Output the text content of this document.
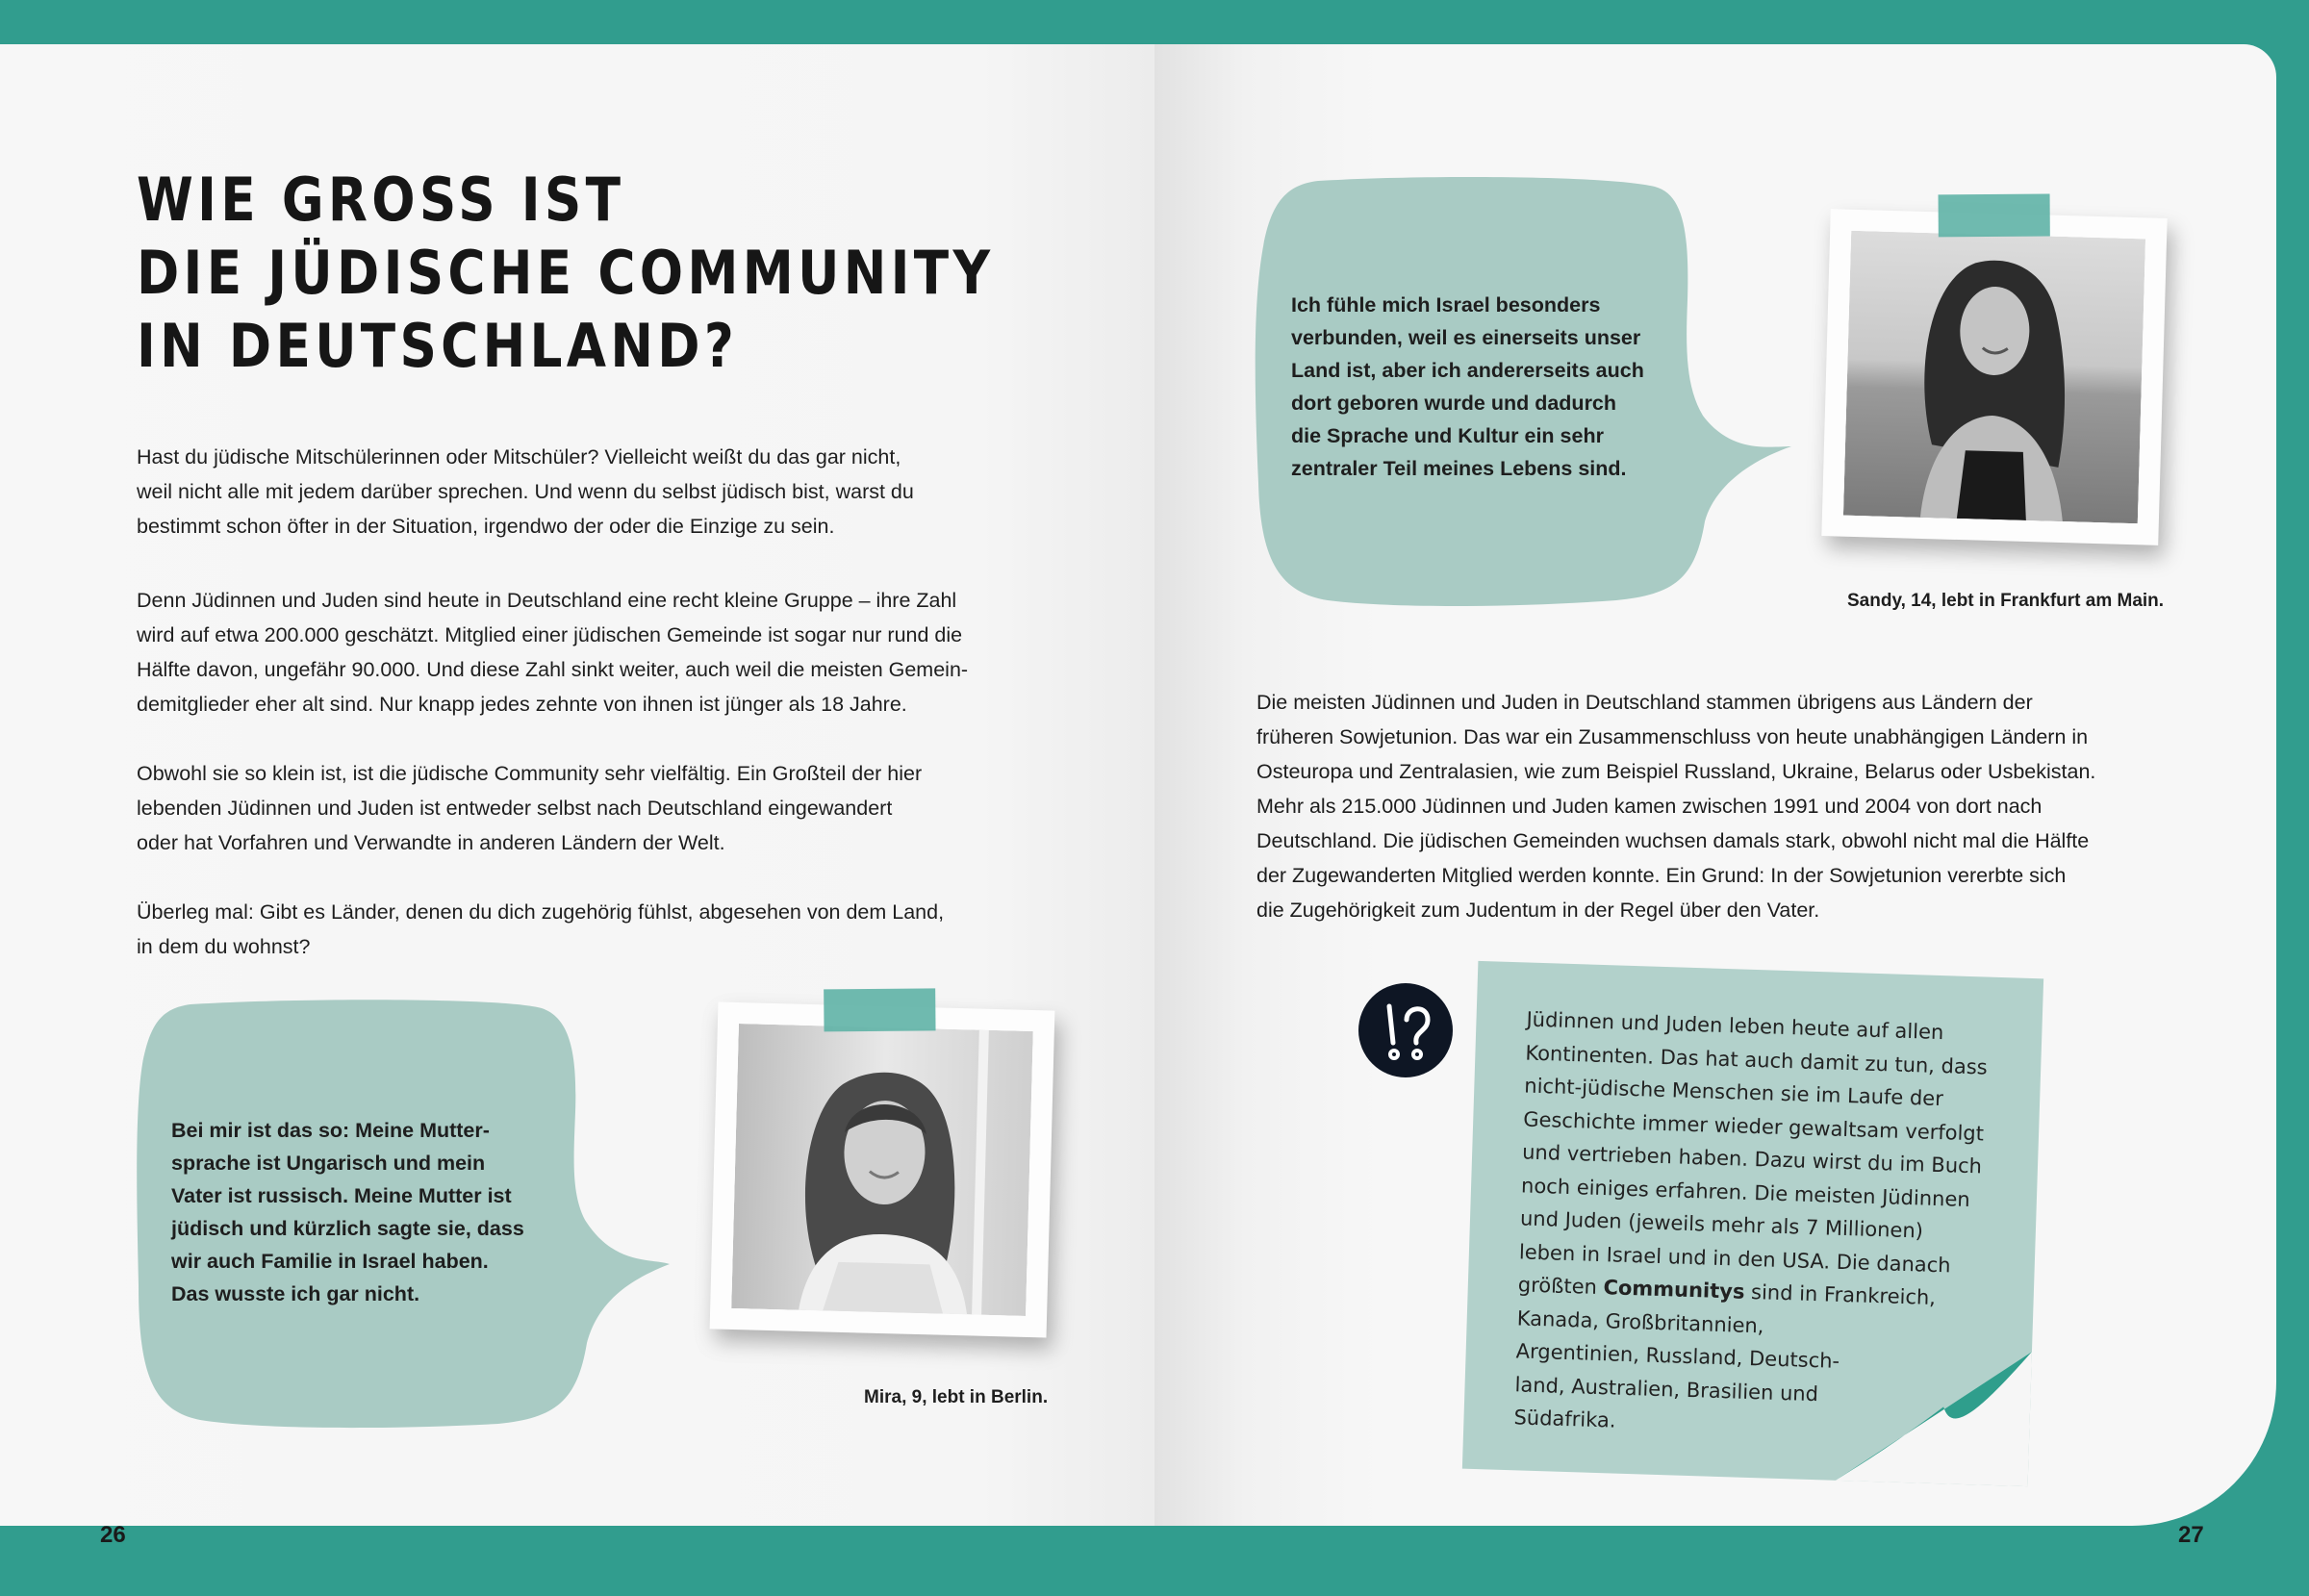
WIE GROSS IST
DIE JÜDISCHE COMMUNITY
IN DEUTSCHLAND?
Hast du jüdische Mitschülerinnen oder Mitschüler? Vielleicht weißt du das gar nicht,
weil nicht alle mit jedem darüber sprechen. Und wenn du selbst jüdisch bist, warst du
bestimmt schon öfter in der Situation, irgendwo der oder die Einzige zu sein.
Denn Jüdinnen und Juden sind heute in Deutschland eine recht kleine Gruppe – ihre Zahl
wird auf etwa 200.000 geschätzt. Mitglied einer jüdischen Gemeinde ist sogar nur rund die
Hälfte davon, ungefähr 90.000. Und diese Zahl sinkt weiter, auch weil die meisten Gemein-
demitglieder eher alt sind. Nur knapp jedes zehnte von ihnen ist jünger als 18 Jahre.
Obwohl sie so klein ist, ist die jüdische Community sehr vielfältig. Ein Großteil der hier
lebenden Jüdinnen und Juden ist entweder selbst nach Deutschland eingewandert
oder hat Vorfahren und Verwandte in anderen Ländern der Welt.
Überleg mal: Gibt es Länder, denen du dich zugehörig fühlst, abgesehen von dem Land,
in dem du wohnst?
Bei mir ist das so: Meine Mutter-
sprache ist Ungarisch und mein
Vater ist russisch. Meine Mutter ist
jüdisch und kürzlich sagte sie, dass
wir auch Familie in Israel haben.
Das wusste ich gar nicht.
Mira, 9, lebt in Berlin.
Ich fühle mich Israel besonders
verbunden, weil es einerseits unser
Land ist, aber ich andererseits auch
dort geboren wurde und dadurch
die Sprache und Kultur ein sehr
zentraler Teil meines Lebens sind.
Sandy, 14, lebt in Frankfurt am Main.
Die meisten Jüdinnen und Juden in Deutschland stammen übrigens aus Ländern der
früheren Sowjetunion. Das war ein Zusammenschluss von heute unabhängigen Ländern in
Osteuropa und Zentralasien, wie zum Beispiel Russland, Ukraine, Belarus oder Usbekistan.
Mehr als 215.000 Jüdinnen und Juden kamen zwischen 1991 und 2004 von dort nach
Deutschland. Die jüdischen Gemeinden wuchsen damals stark, obwohl nicht mal die Hälfte
der Zugewanderten Mitglied werden konnte. Ein Grund: In der Sowjetunion vererbte sich
die Zugehörigkeit zum Judentum in der Regel über den Vater.
Jüdinnen und Juden leben heute auf allen
Kontinenten. Das hat auch damit zu tun, dass
nicht-jüdische Menschen sie im Laufe der
Geschichte immer wieder gewaltsam verfolgt
und vertrieben haben. Dazu wirst du im Buch
noch einiges erfahren. Die meisten Jüdinnen
und Juden (jeweils mehr als 7 Millionen)
leben in Israel und in den USA. Die danach
größten Communitys sind in Frankreich,
Kanada, Großbritannien,
Argentinien, Russland, Deutsch-
land, Australien, Brasilien und
Südafrika.
26	27
